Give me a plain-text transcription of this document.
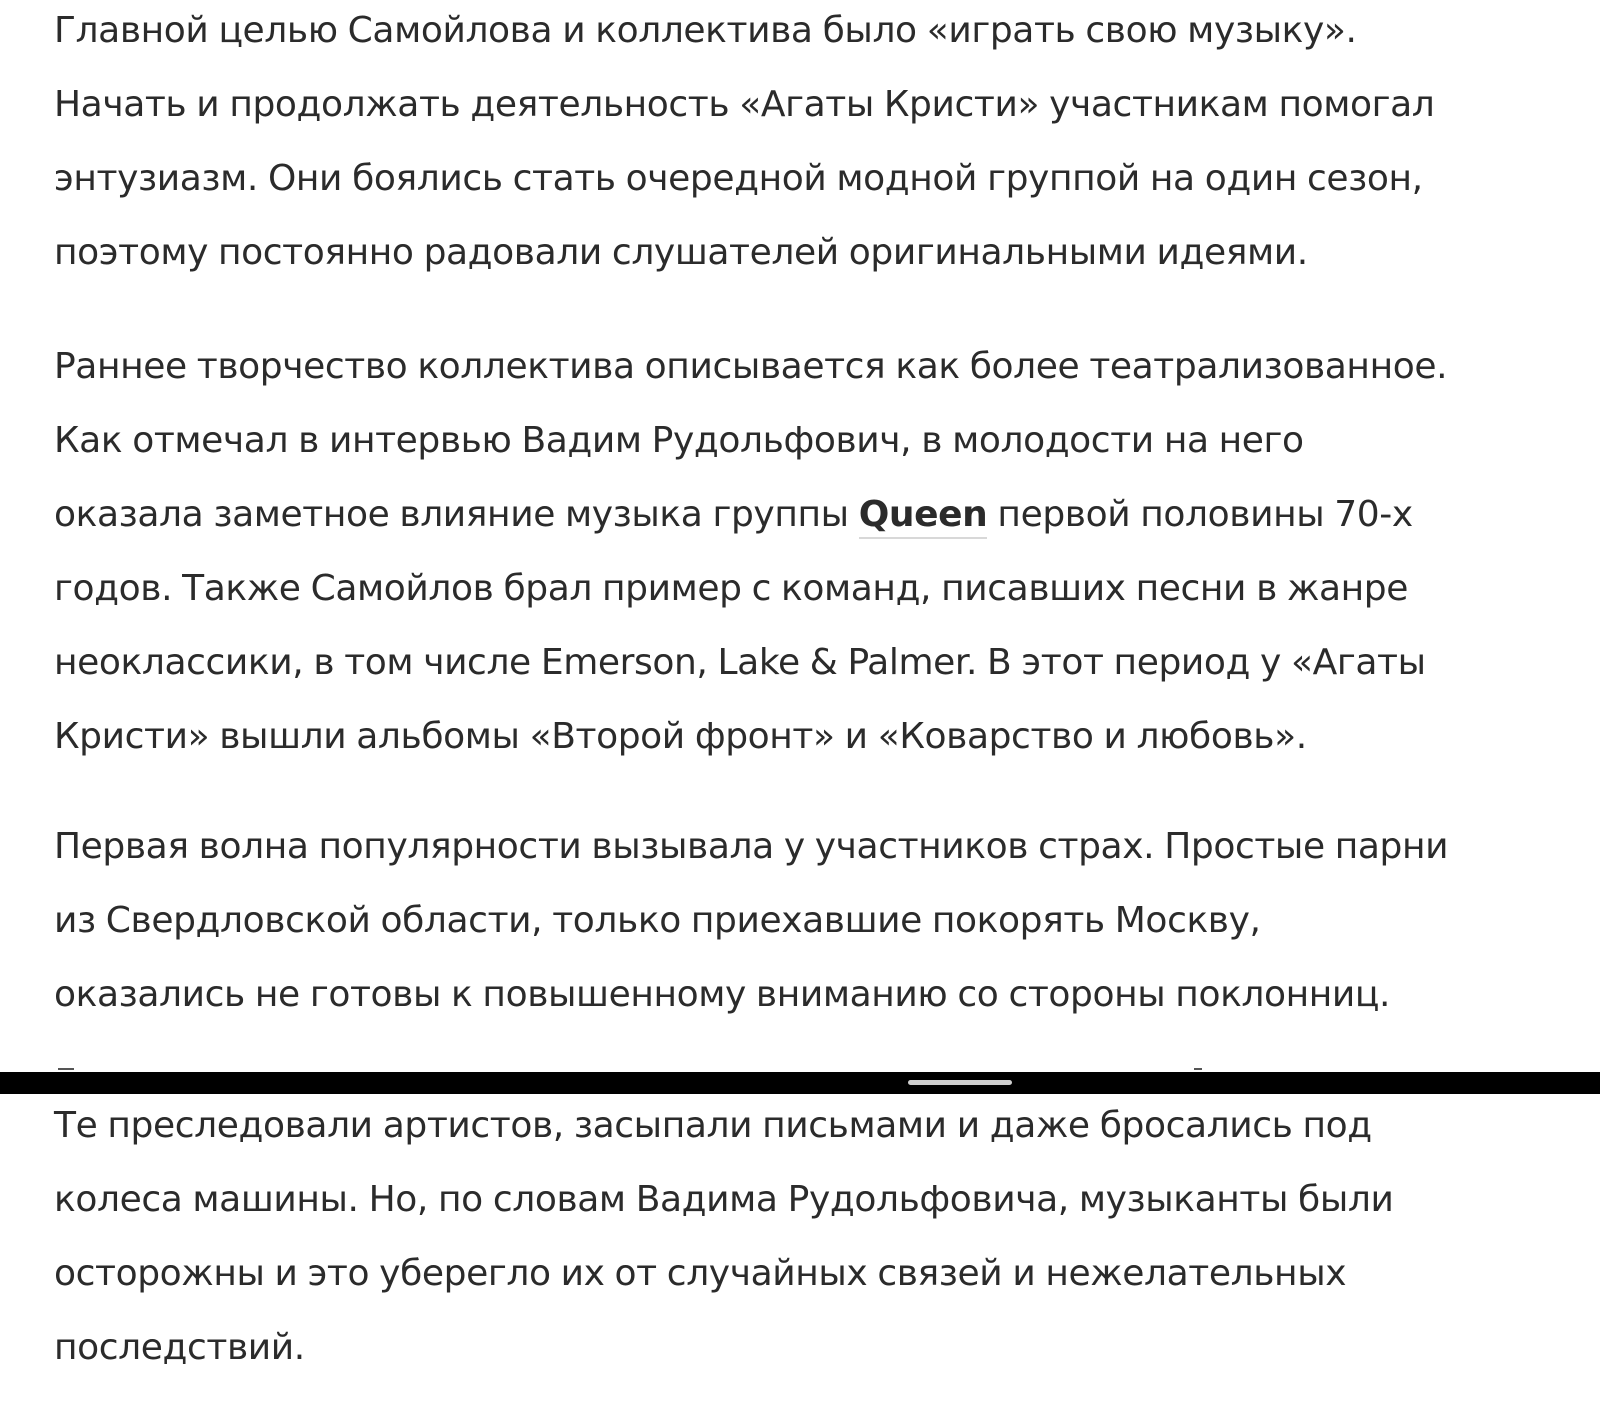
Главной целью Самойлова и коллектива было «играть свою музыку».
Начать и продолжать деятельность «Агаты Кристи» участникам помогал
энтузиазм. Они боялись стать очередной модной группой на один сезон,
поэтому постоянно радовали слушателей оригинальными идеями.

Раннее творчество коллектива описывается как более театрализованное.
Как отмечал в интервью Вадим Рудольфович, в молодости на него
оказала заметное влияние музыка группы Queen первой половины 70-х
годов. Также Самойлов брал пример с команд, писавших песни в жанре
неоклассики, в том числе Emerson, Lake & Palmer. В этот период у «Агаты
Кристи» вышли альбомы «Второй фронт» и «Коварство и любовь».

Первая волна популярности вызывала у участников страх. Простые парни
из Свердловской области, только приехавшие покорять Москву,
оказались не готовы к повышенному вниманию со стороны поклонниц.

Те преследовали артистов, засыпали письмами и даже бросались под
колеса машины. Но, по словам Вадима Рудольфовича, музыканты были
осторожны и это уберегло их от случайных связей и нежелательных
последствий.
